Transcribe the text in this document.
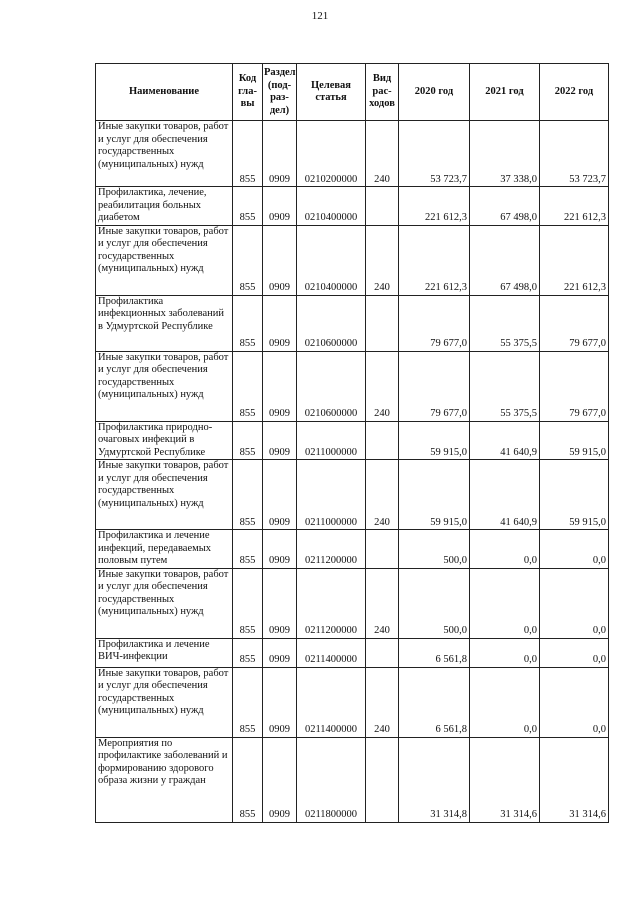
121
Наименование	Код гла-вы	Раздел (под-раз-дел)	Целевая статья	Вид рас-ходов	2020 год	2021 год	2022 год
Иные закупки товаров, работ и услуг для обеспечения государственных (муниципальных) нужд	855	0909	0210200000	240	53 723,7	37 338,0	53 723,7
Профилактика, лечение, реабилитация больных диабетом	855	0909	0210400000		221 612,3	67 498,0	221 612,3
Иные закупки товаров, работ и услуг для обеспечения государственных (муниципальных) нужд	855	0909	0210400000	240	221 612,3	67 498,0	221 612,3
Профилактика инфекционных заболеваний в Удмуртской Республике	855	0909	0210600000		79 677,0	55 375,5	79 677,0
Иные закупки товаров, работ и услуг для обеспечения государственных (муниципальных) нужд	855	0909	0210600000	240	79 677,0	55 375,5	79 677,0
Профилактика природно-очаговых инфекций в Удмуртской Республике	855	0909	0211000000		59 915,0	41 640,9	59 915,0
Иные закупки товаров, работ и услуг для обеспечения государственных (муниципальных) нужд	855	0909	0211000000	240	59 915,0	41 640,9	59 915,0
Профилактика и лечение инфекций, передаваемых половым путем	855	0909	0211200000		500,0	0,0	0,0
Иные закупки товаров, работ и услуг для обеспечения государственных (муниципальных) нужд	855	0909	0211200000	240	500,0	0,0	0,0
Профилактика и лечение ВИЧ-инфекции	855	0909	0211400000		6 561,8	0,0	0,0
Иные закупки товаров, работ и услуг для обеспечения государственных (муниципальных) нужд	855	0909	0211400000	240	6 561,8	0,0	0,0
Мероприятия по профилактике заболеваний и формированию здорового образа жизни у граждан	855	0909	0211800000		31 314,8	31 314,6	31 314,6
